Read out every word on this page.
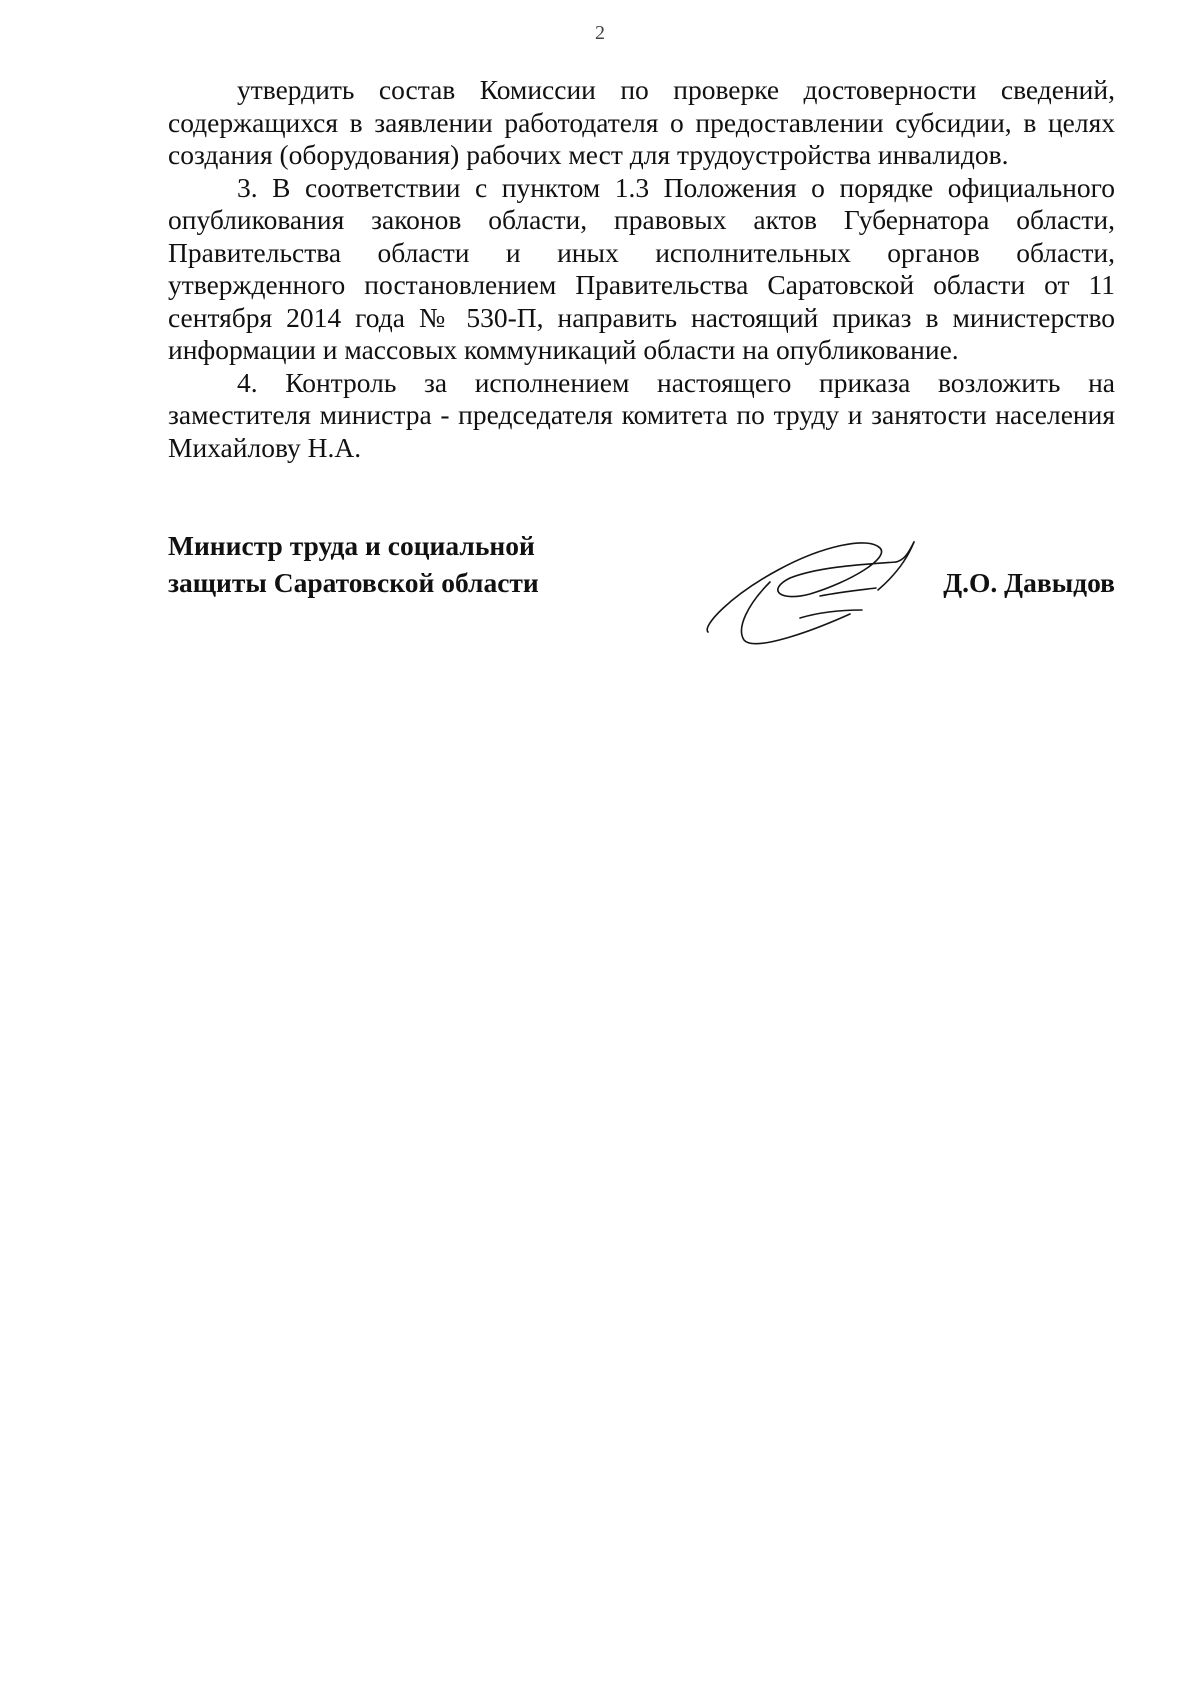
2

утвердить состав Комиссии по проверке достоверности сведений, содержащихся в заявлении работодателя о предоставлении субсидии, в целях создания (оборудования) рабочих мест для трудоустройства инвалидов.

3. В соответствии с пунктом 1.3 Положения о порядке официального опубликования законов области, правовых актов Губернатора области, Правительства области и иных исполнительных органов области, утвержденного постановлением Правительства Саратовской области от 11 сентября 2014 года № 530-П, направить настоящий приказ в министерство информации и массовых коммуникаций области на опубликование.

4. Контроль за исполнением настоящего приказа возложить на заместителя министра - председателя комитета по труду и занятости населения Михайлову Н.А.

Министр труда и социальной
защиты Саратовской области	Д.О. Давыдов
